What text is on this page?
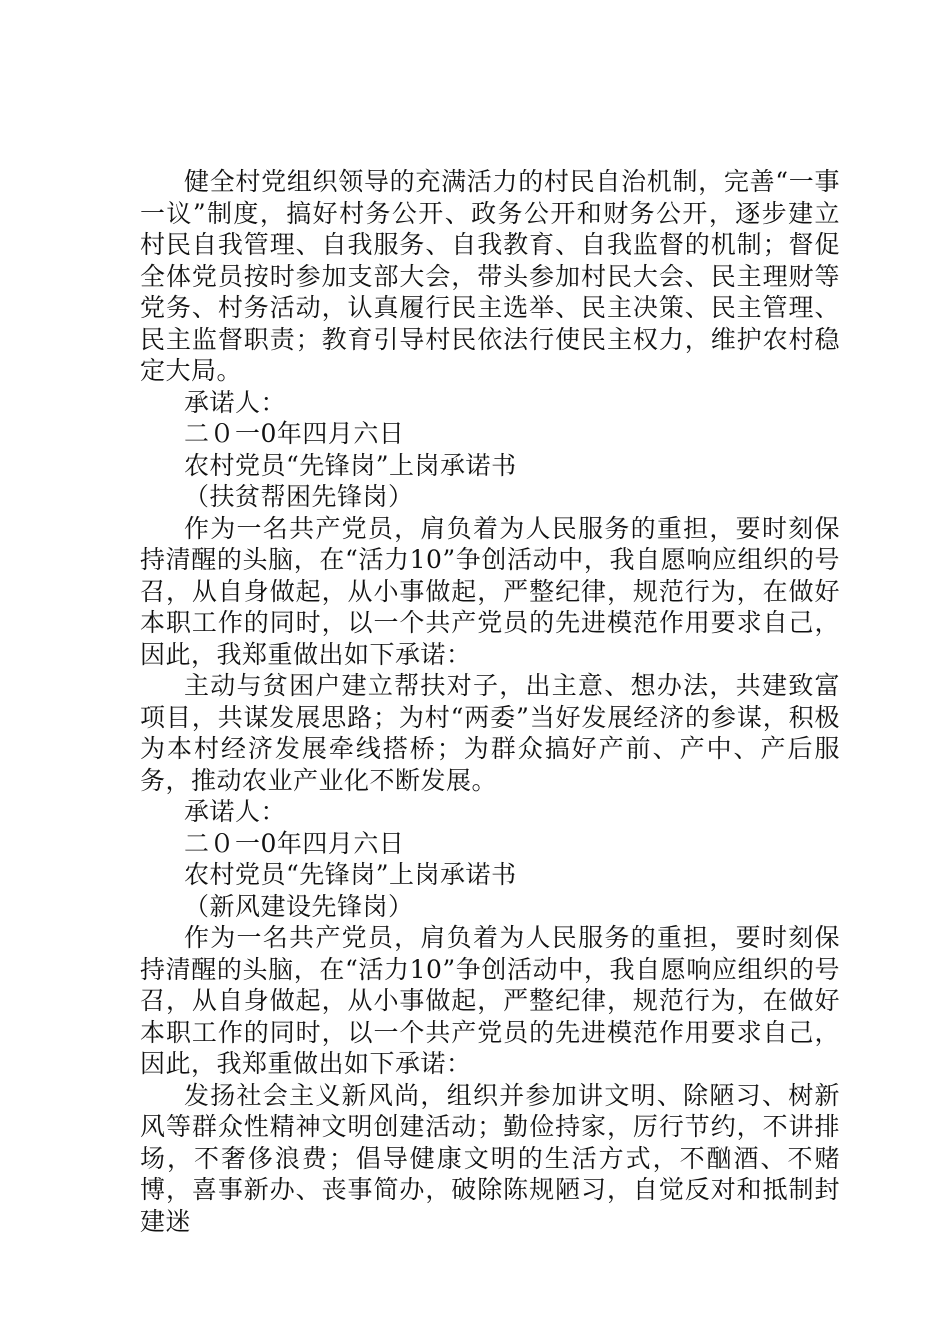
健全村党组织领导的充满活力的村民自治机制，完善“一事一议”制度，搞好村务公开、政务公开和财务公开，逐步建立村民自我管理、自我服务、自我教育、自我监督的机制；督促全体党员按时参加支部大会，带头参加村民大会、民主理财等党务、村务活动，认真履行民主选举、民主决策、民主管理、民主监督职责；教育引导村民依法行使民主权力，维护农村稳定大局。

承诺人：

二０一0年四月六日

农村党员“先锋岗”上岗承诺书

（扶贫帮困先锋岗）

作为一名共产党员，肩负着为人民服务的重担，要时刻保持清醒的头脑，在“活力10”争创活动中，我自愿响应组织的号召，从自身做起，从小事做起，严整纪律，规范行为，在做好本职工作的同时，以一个共产党员的先进模范作用要求自己，因此，我郑重做出如下承诺：

主动与贫困户建立帮扶对子，出主意、想办法，共建致富项目，共谋发展思路；为村“两委”当好发展经济的参谋，积极为本村经济发展牵线搭桥；为群众搞好产前、产中、产后服务，推动农业产业化不断发展。

承诺人：

二０一0年四月六日

农村党员“先锋岗”上岗承诺书

（新风建设先锋岗）

作为一名共产党员，肩负着为人民服务的重担，要时刻保持清醒的头脑，在“活力10”争创活动中，我自愿响应组织的号召，从自身做起，从小事做起，严整纪律，规范行为，在做好本职工作的同时，以一个共产党员的先进模范作用要求自己，因此，我郑重做出如下承诺：

发扬社会主义新风尚，组织并参加讲文明、除陋习、树新风等群众性精神文明创建活动；勤俭持家，厉行节约，不讲排场，不奢侈浪费；倡导健康文明的生活方式，不酗酒、不赌博，喜事新办、丧事简办，破除陈规陋习，自觉反对和抵制封建迷
